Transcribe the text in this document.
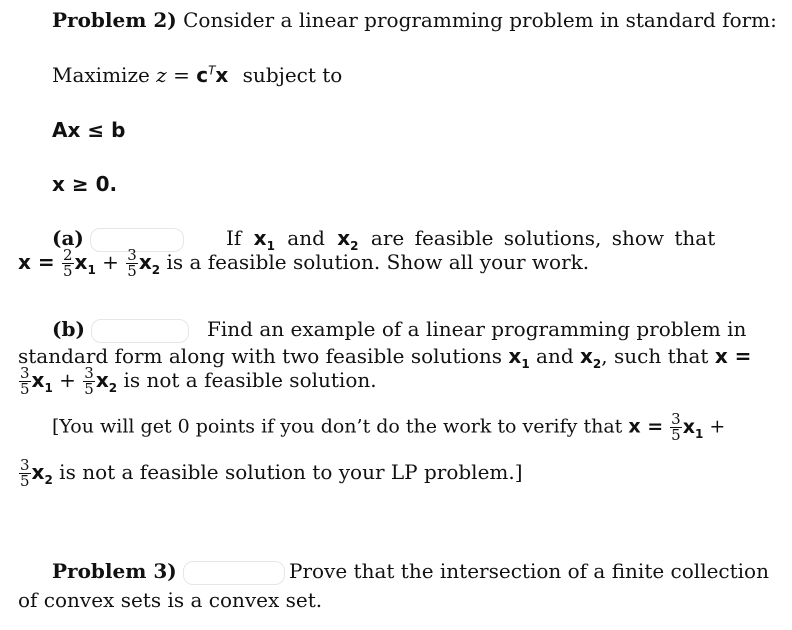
Problem 2) Consider a linear programming problem in standard form:
Maximize $z = c^Tx$ subject to
Ax ≤ b
x ≥ 0.
(a)	If $x_1$ and $x_2$ are feasible solutions, show that
$x = \frac{2}{5} x_1 + \frac{3}{5} x_2$ is a feasible solution. Show all your work.
(b)	Find an example of a linear programming problem in
standard form along with two feasible solutions $x_1$ and $x_2$, such that x =
$\frac{3}{5} x_1 + \frac{3}{5} x_2$ is not a feasible solution.
[You will get 0 points if you don’t do the work to verify that $x = \frac{3}{5} x_1$ +
$\frac{3}{5} x_2$ is not a feasible solution to your LP problem.]
Problem 3)	Prove that the intersection of a finite collection
of convex sets is a convex set.
